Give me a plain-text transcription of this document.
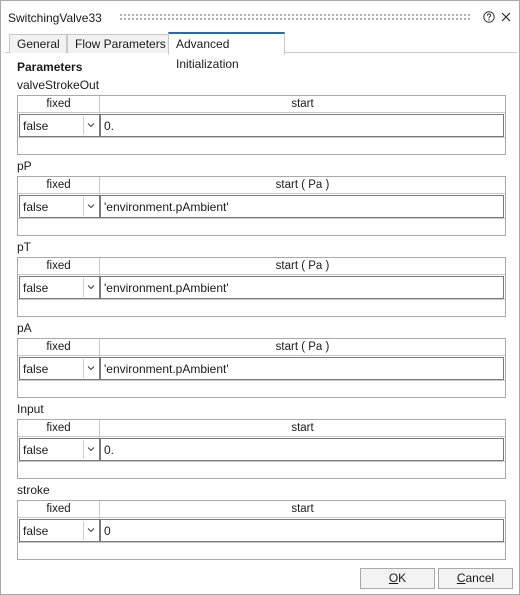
SwitchingValve33
General	Flow Parameters Advanced Initialization
Parameters
valveStrokeOut
fixed	start
false	0.
pP
fixed	start ( Pa )
false	'environment.pAmbient'
pT
fixed	start ( Pa )
false	'environment.pAmbient'
pA
fixed	start ( Pa )
false	'environment.pAmbient'
Input
fixed	start
false	0.
stroke
fixed	start
false	0
OK	Cancel
